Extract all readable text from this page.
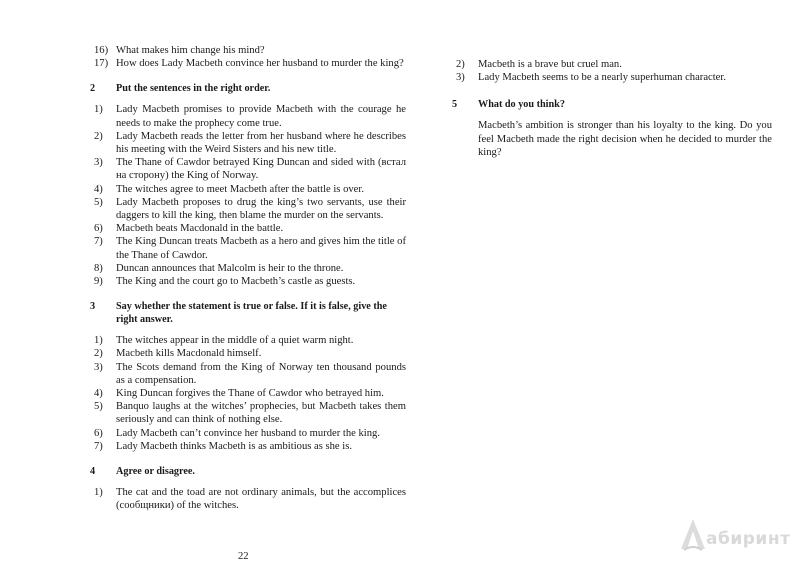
16) What makes him change his mind?
17) How does Lady Macbeth convince her husband to murder the king?
2	Put the sentences in the right order.
1)	Lady Macbeth promises to provide Macbeth with the courage he needs to make the prophecy come true.
2)	Lady Macbeth reads the letter from her husband where he describes his meeting with the Weird Sisters and his new title.
3)	The Thane of Cawdor betrayed King Duncan and sided with (встал на сторону) the King of Norway.
4)	The witches agree to meet Macbeth after the battle is over.
5)	Lady Macbeth proposes to drug the king’s two servants, use their daggers to kill the king, then blame the murder on the servants.
6)	Macbeth beats Macdonald in the battle.
7)	The King Duncan treats Macbeth as a hero and gives him the title of the Thane of Cawdor.
8)	Duncan announces that Malcolm is heir to the throne.
9)	The King and the court go to Macbeth’s castle as guests.
3	Say whether the statement is true or false. If it is false, give the right answer.
1)	The witches appear in the middle of a quiet warm night.
2)	Macbeth kills Macdonald himself.
3)	The Scots demand from the King of Norway ten thousand pounds as a compensation.
4)	King Duncan forgives the Thane of Cawdor who betrayed him.
5)	Banquo laughs at the witches’ prophecies, but Macbeth takes them seriously and can think of nothing else.
6)	Lady Macbeth can’t convince her husband to murder the king.
7)	Lady Macbeth thinks Macbeth is as ambitious as she is.
4	Agree or disagree.
1)	The cat and the toad are not ordinary animals, but the accomplices (сообщники) of the witches.
2)	Macbeth is a brave but cruel man.
3)	Lady Macbeth seems to be a nearly superhuman character.
5	What do you think?
Macbeth’s ambition is stronger than his loyalty to the king. Do you feel Macbeth made the right decision when he decided to murder the king?
22
абиринт
